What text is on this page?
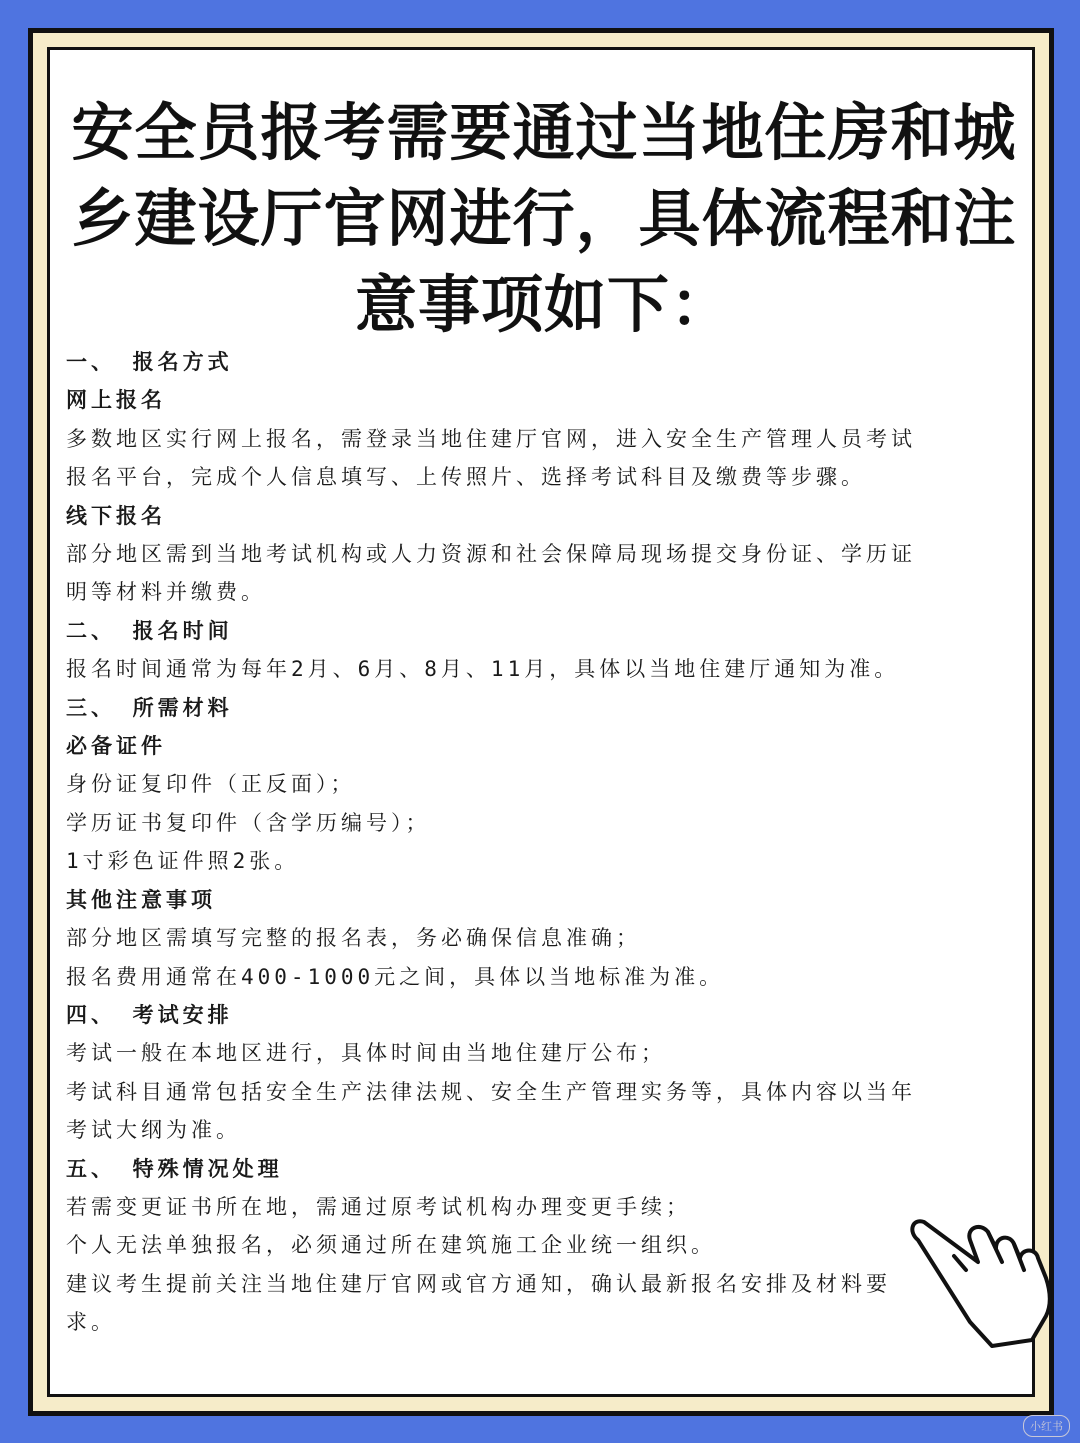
安全员报考需要通过当地住房和城乡建设厅官网进行，具体流程和注意事项如下：
一、 报名方式
网上报名
多数地区实行网上报名，需登录当地住建厅官网，进入安全生产管理人员考试
报名平台，完成个人信息填写、上传照片、选择考试科目及缴费等步骤。
线下报名
部分地区需到当地考试机构或人力资源和社会保障局现场提交身份证、学历证
明等材料并缴费。
二、 报名时间
报名时间通常为每年2月、6月、8月、11月，具体以当地住建厅通知为准。
三、 所需材料
必备证件
身份证复印件（正反面）；
学历证书复印件（含学历编号）；
1寸彩色证件照2张。
其他注意事项
部分地区需填写完整的报名表，务必确保信息准确；
报名费用通常在400-1000元之间，具体以当地标准为准。
四、 考试安排
考试一般在本地区进行，具体时间由当地住建厅公布；
考试科目通常包括安全生产法律法规、安全生产管理实务等，具体内容以当年
考试大纲为准。
五、 特殊情况处理
若需变更证书所在地，需通过原考试机构办理变更手续；
个人无法单独报名，必须通过所在建筑施工企业统一组织。
建议考生提前关注当地住建厅官网或官方通知，确认最新报名安排及材料要
求。
小红书
